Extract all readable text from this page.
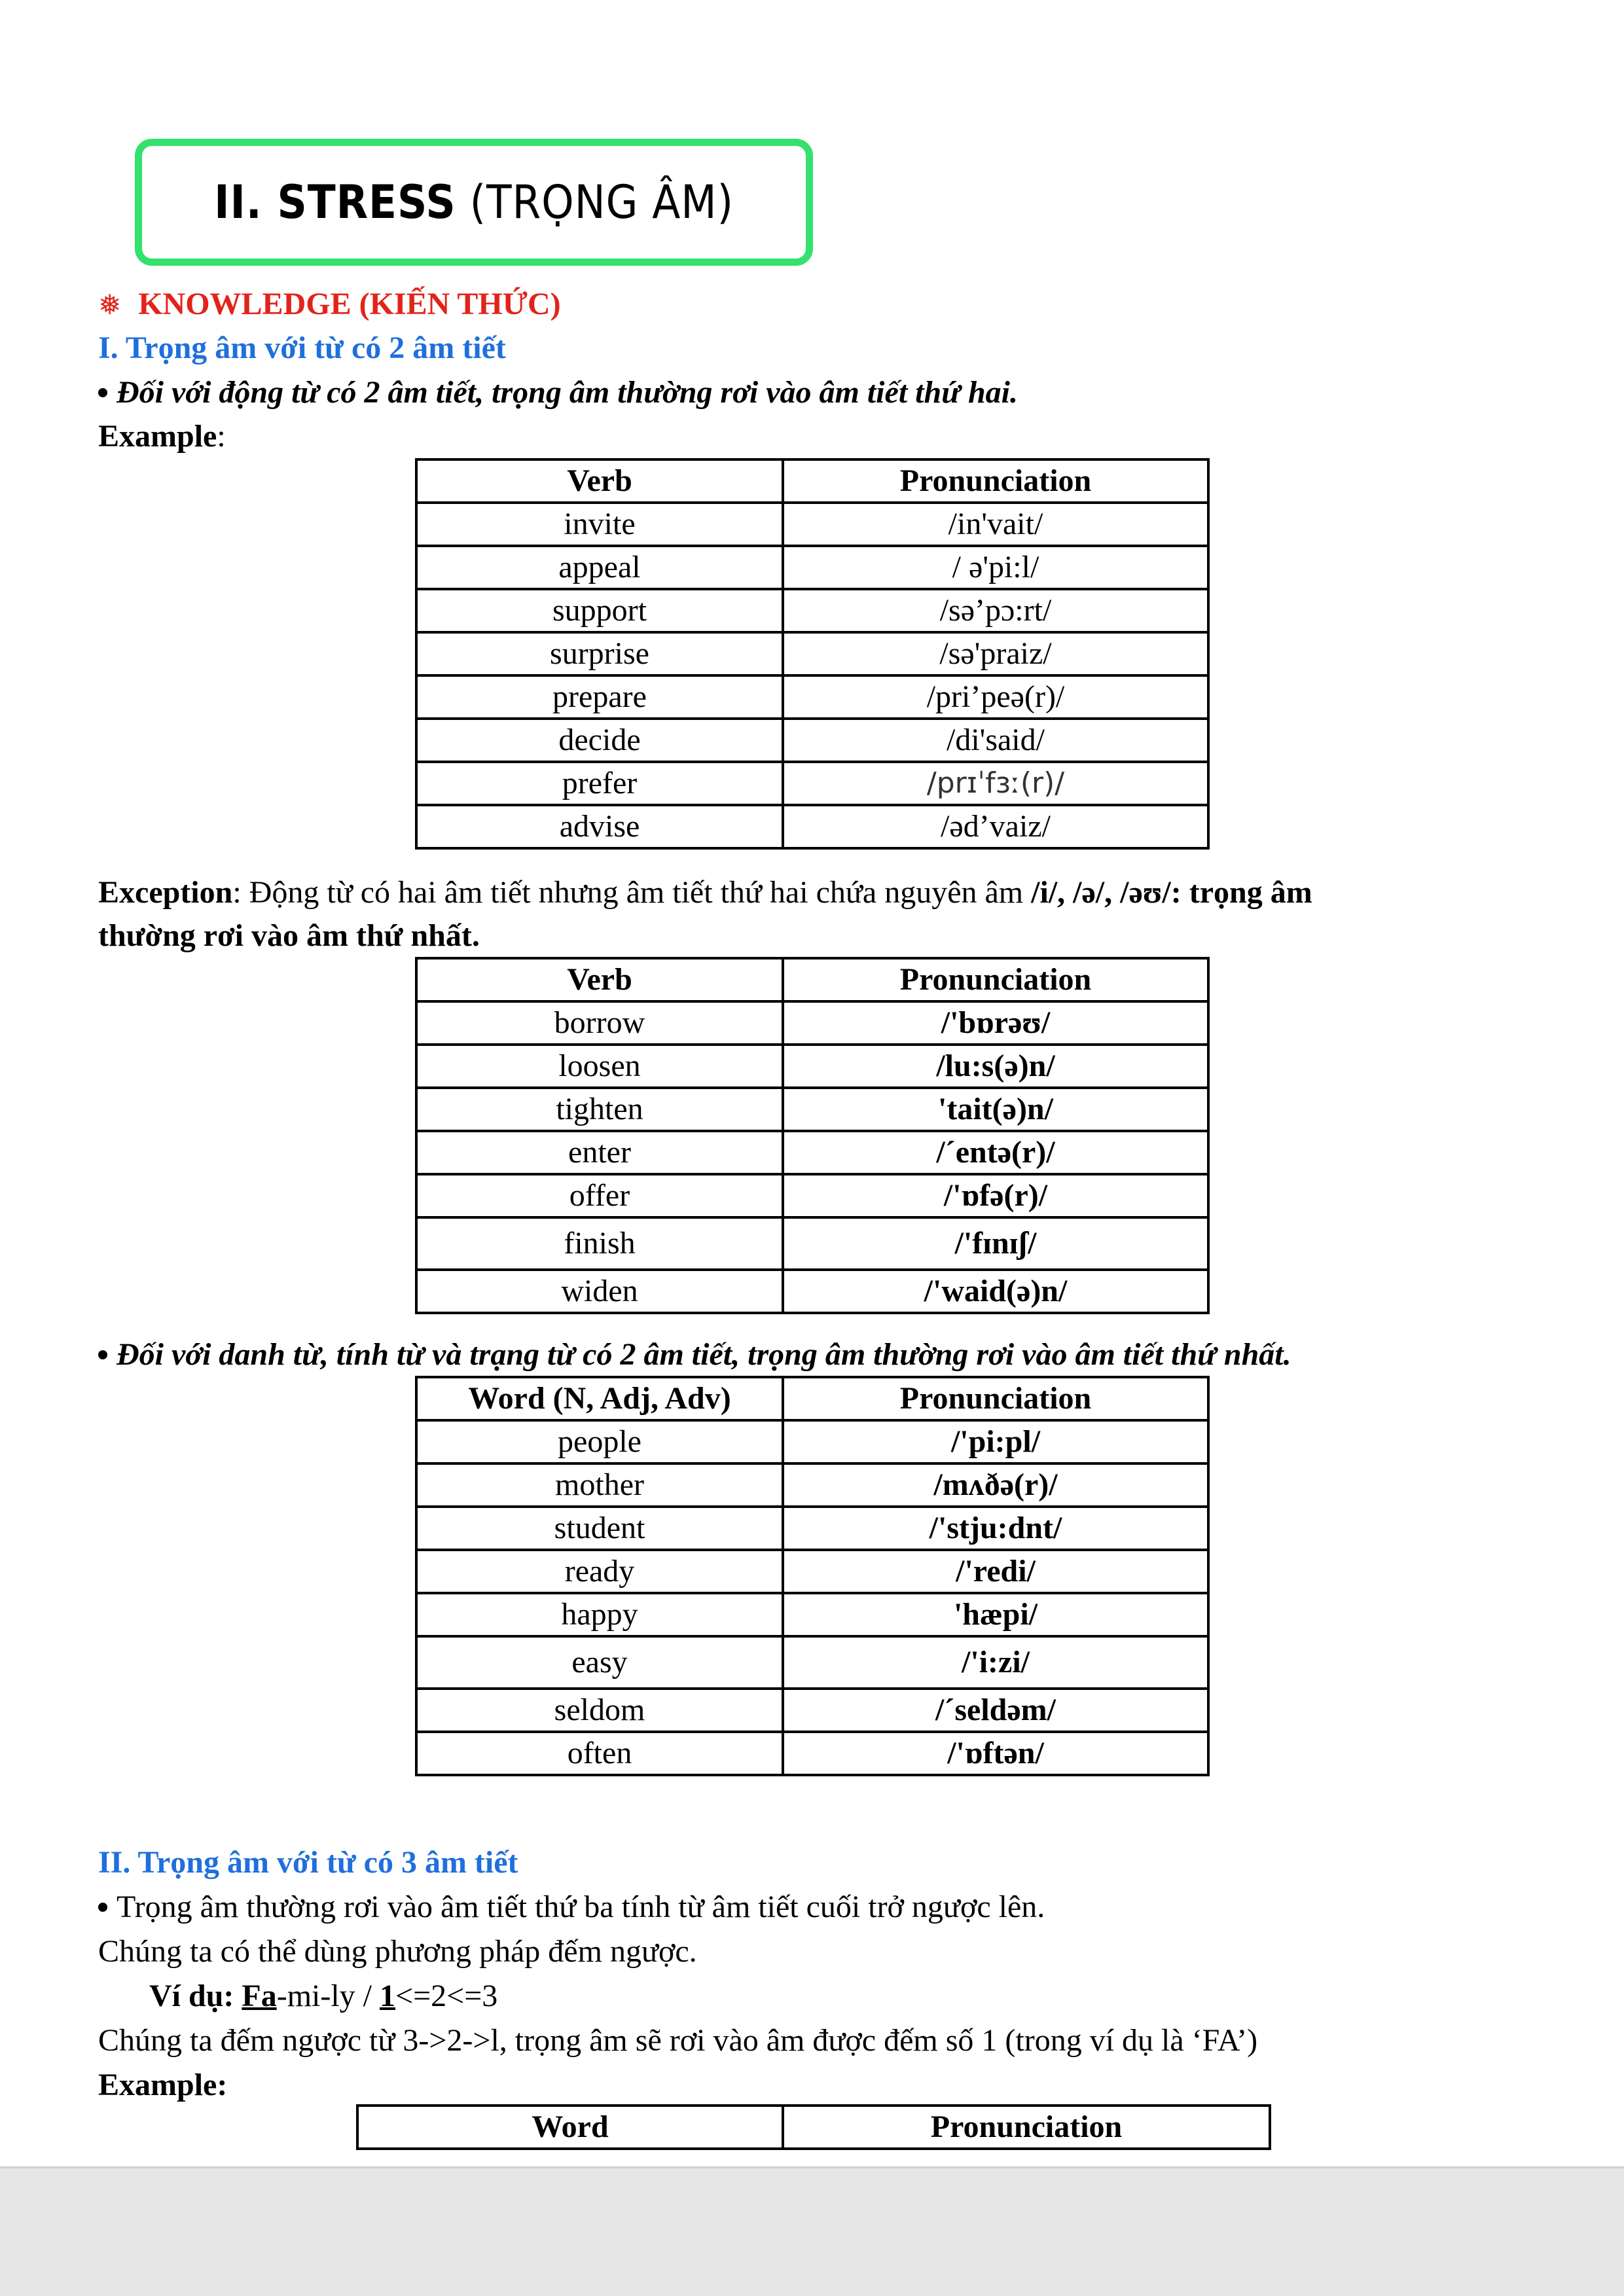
II. STRESS (TRỌNG ÂM)
❅ KNOWLEDGE (KIẾN THỨC)
I. Trọng âm với từ có 2 âm tiết
Đối với động từ có 2 âm tiết, trọng âm thường rơi vào âm tiết thứ hai.
Example:
Verb	Pronunciation
invite	/in'vait/
appeal	/ ə'pi:l/
support	/sə’pɔ:rt/
surprise	/sə'praiz/
prepare	/pri’peə(r)/
decide	/di'said/
prefer	/prɪˈfɜː(r)/
advise	/əd’vaiz/
Exception: Động từ có hai âm tiết nhưng âm tiết thứ hai chứa nguyên âm /i/, /ə/, /əʊ/: trọng âm
thường rơi vào âm thứ nhất.
Verb	Pronunciation
borrow	/'bɒrəʊ/
loosen	/lu:s(ə)n/
tighten	'tait(ə)n/
enter	/´entə(r)/
offer	/'ɒfə(r)/
finish	/'fɪnɪʃ/
widen	/'waid(ə)n/
Đối với danh từ, tính từ và trạng từ có 2 âm tiết, trọng âm thường rơi vào âm tiết thứ nhất.
Word (N, Adj, Adv)	Pronunciation
people	/'pi:pl/
mother	/mʌðə(r)/
student	/'stju:dnt/
ready	/'redi/
happy	'hæpi/
easy	/'i:zi/
seldom	/´seldəm/
often	/'ɒftən/
II. Trọng âm với từ có 3 âm tiết
Trọng âm thường rơi vào âm tiết thứ ba tính từ âm tiết cuối trở ngược lên.
Chúng ta có thể dùng phương pháp đếm ngược.
Ví dụ: Fa-mi-ly / 1<=2<=3
Chúng ta đếm ngược từ 3->2->l, trọng âm sẽ rơi vào âm được đếm số 1 (trong ví dụ là ‘FA’)
Example:
Word	Pronunciation
